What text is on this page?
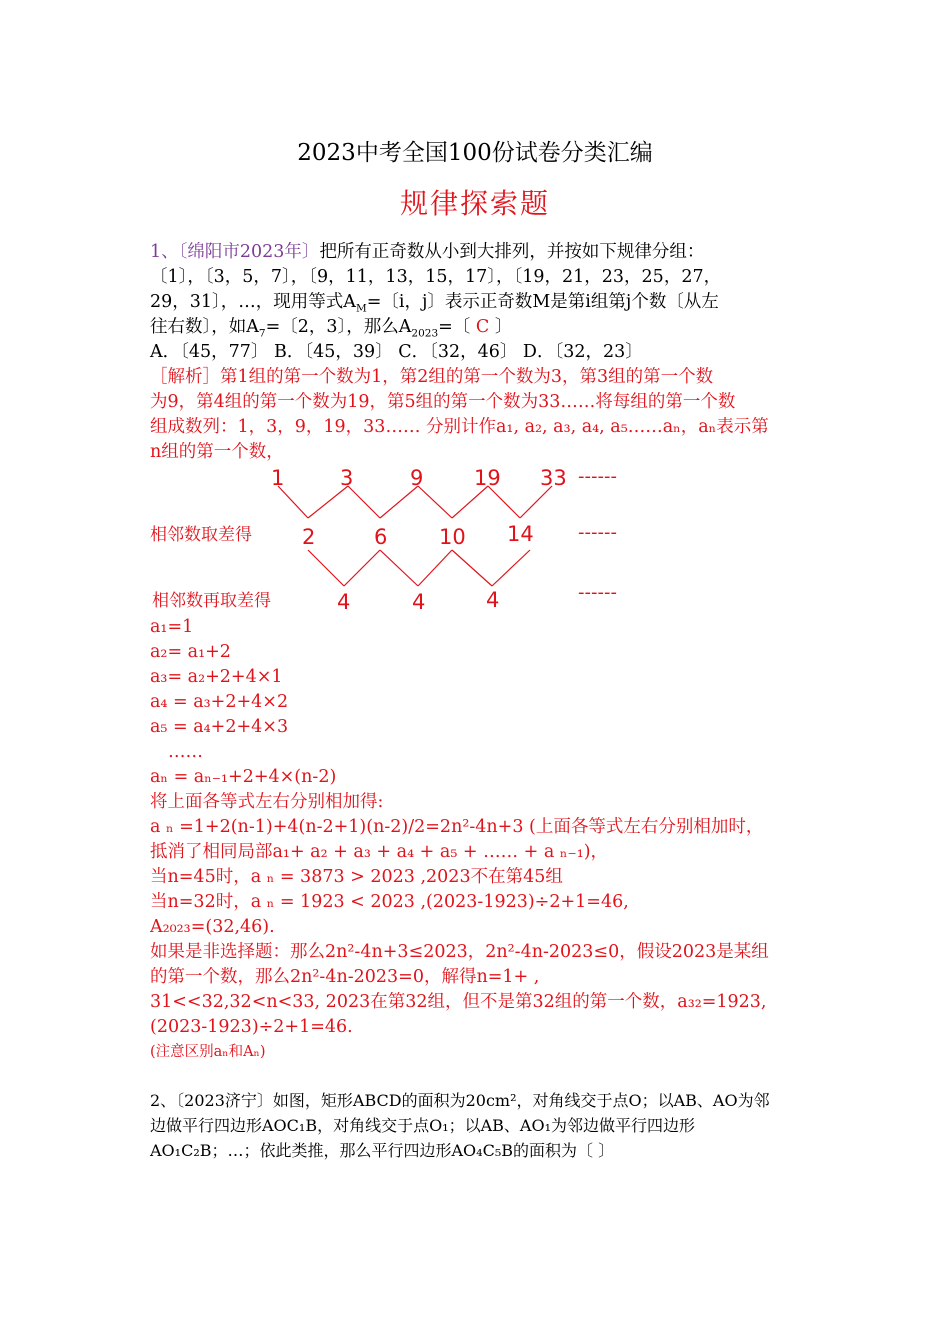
2023中考全国100份试卷分类汇编
规律探索题
1、〔绵阳市2023年〕把所有正奇数从小到大排列，并按如下规律分组：
〔1〕，〔3，5，7〕，〔9，11，13，15，17〕，〔19，21，23，25，27，
29，31〕，…，现用等式$A_M=$〔i，j〕表示正奇数M是第i组第j个数〔从左
往右数〕，如$A_7=$〔2，3〕，那么$A_{2023}=$〔 C 〕
A．〔45，77〕 B．〔45，39〕 C．〔32，46〕 D．〔32，23〕
［解析］第1组的第一个数为1，第2组的第一个数为3，第3组的第一个数
为9，第4组的第一个数为19，第5组的第一个数为33……将每组的第一个数
组成数列：1，3，9，19，33…… 分别计作a₁, a₂, a₃, a₄, a₅……aₙ，aₙ表示第
n组的第一个数，
1	3	9 19 33 ------
相邻数取差得 2	6 10 14 ------
相邻数再取差得	4	4	4	------
a₁=1
a₂= a₁+2
a₃= a₂+2+4×1
a₄ = a₃+2+4×2
a₅ = a₄+2+4×3
……
aₙ = aₙ₋₁+2+4×(n-2)
将上面各等式左右分别相加得:
a ₙ =1+2(n-1)+4(n-2+1)(n-2)/2=2n²-4n+3 (上面各等式左右分别相加时，
抵消了相同局部a₁+ a₂ + a₃ + a₄ + a₅ + …… + a ₙ₋₁)，
当n=45时，a ₙ = 3873 > 2023 ,2023不在第45组
当n=32时，a ₙ = 1923 < 2023 ,(2023-1923)÷2+1=46,
A₂₀₂₃=(32,46).
如果是非选择题：那么2n²-4n+3≤2023，2n²-4n-2023≤0，假设2023是某组
的第一个数，那么2n²-4n-2023=0，解得n=1+ ,
31<<32,32<n<33, 2023在第32组，但不是第32组的第一个数，a₃₂=1923,
(2023-1923)÷2+1=46.
(注意区别aₙ和Aₙ)
2、〔2023济宁〕如图，矩形ABCD的面积为20cm²，对角线交于点O；以AB、AO为邻
边做平行四边形AOC₁B，对角线交于点O₁；以AB、AO₁为邻边做平行四边形
AO₁C₂B；…；依此类推，那么平行四边形AO₄C₅B的面积为〔 〕
